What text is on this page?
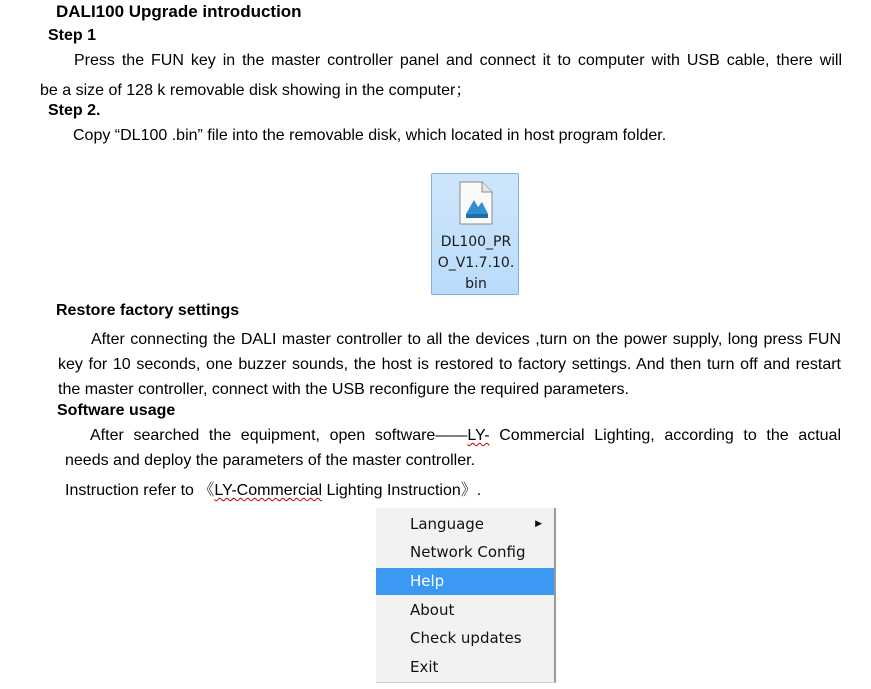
DALI100 Upgrade introduction
Step 1
Press the FUN key in the master controller panel and connect it to computer with USB cable, there will
be a size of 128 k removable disk showing in the computer；
Step 2.
Copy “DL100 .bin” file into the removable disk, which located in host program folder.
DL100_PR
O_V1.7.10.
bin
Restore factory settings
After connecting the DALI master controller to all the devices ,turn on the power supply, long press FUN key for 10 seconds, one buzzer sounds, the host is restored to factory settings. And then turn off and restart the master controller, connect with the USB reconfigure the required parameters.
Software usage
After searched the equipment, open software——LY- Commercial Lighting, according to the actual
needs and deploy the parameters of the master controller.
Instruction refer to 《LY-Commercial Lighting Instruction》.
Language	▶
Network Config
Help
About
Check updates
Exit
